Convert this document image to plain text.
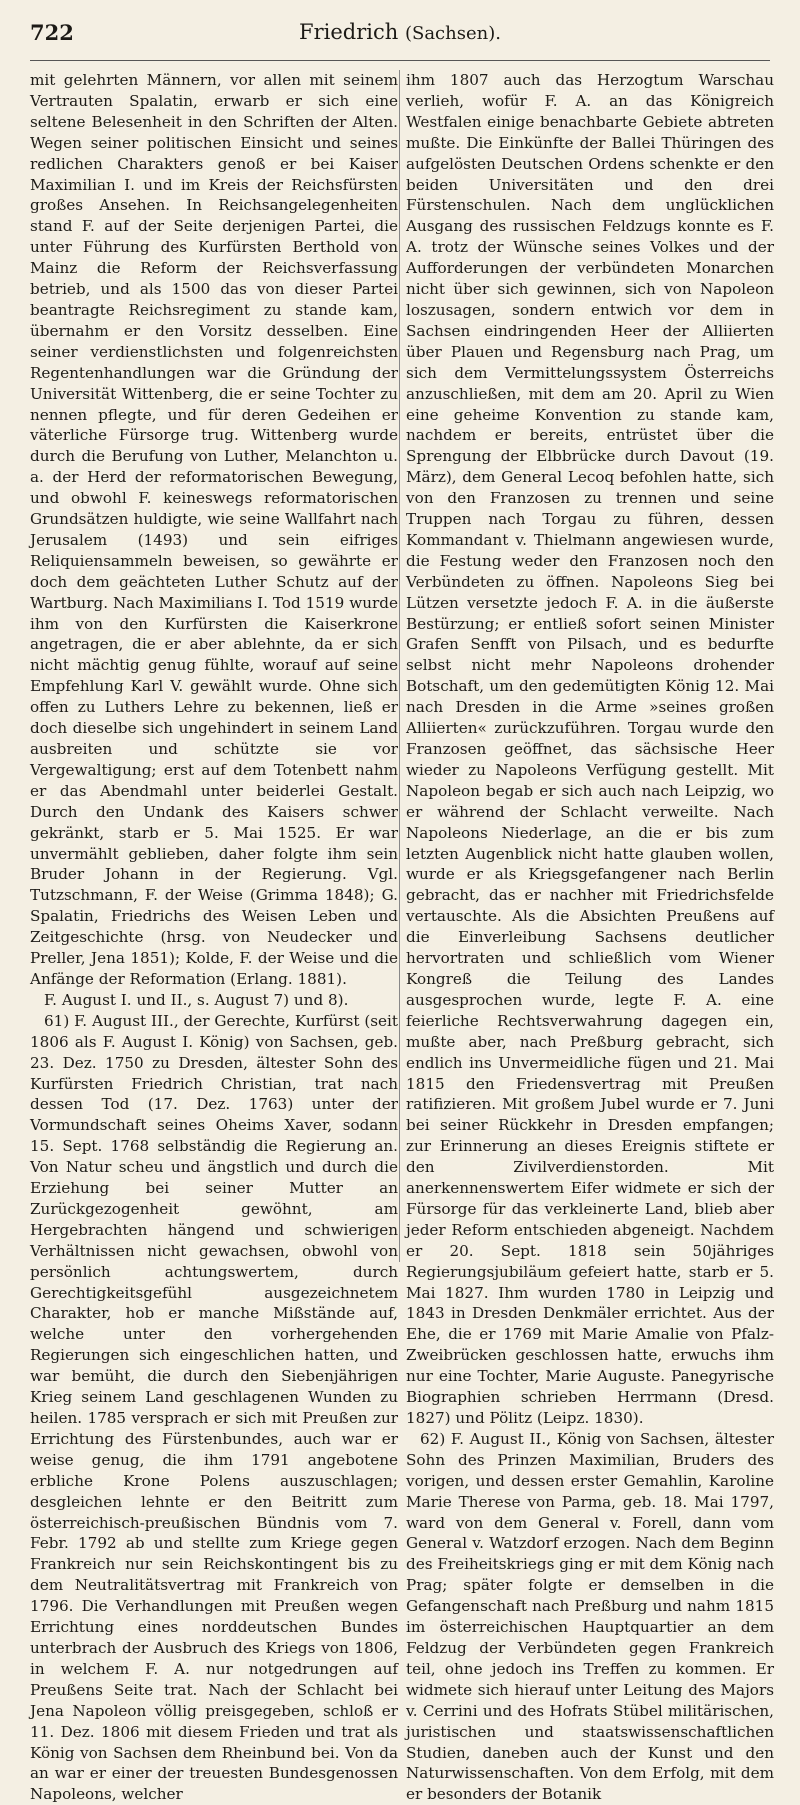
722	Friedrich (Sachsen).

mit gelehrten Männern, vor allen mit seinem Vertrauten Spalatin, erwarb er sich eine seltene Belesenheit in den Schriften der Alten. Wegen seiner politischen Einsicht und seines redlichen Charakters genoß er bei Kaiser Maximilian I. und im Kreis der Reichsfürsten großes Ansehen. In Reichsangelegenheiten stand F. auf der Seite derjenigen Partei, die unter Führung des Kurfürsten Berthold von Mainz die Reform der Reichsverfassung betrieb, und als 1500 das von dieser Partei beantragte Reichsregiment zu stande kam, übernahm er den Vorsitz desselben. Eine seiner verdienstlichsten und folgenreichsten Regentenhandlungen war die Gründung der Universität Wittenberg, die er seine Tochter zu nennen pflegte, und für deren Gedeihen er väterliche Fürsorge trug. Wittenberg wurde durch die Berufung von Luther, Melanchton u. a. der Herd der reformatorischen Bewegung, und obwohl F. keineswegs reformatorischen Grundsätzen huldigte, wie seine Wallfahrt nach Jerusalem (1493) und sein eifriges Reliquiensammeln beweisen, so gewährte er doch dem geächteten Luther Schutz auf der Wartburg. Nach Maximilians I. Tod 1519 wurde ihm von den Kurfürsten die Kaiserkrone angetragen, die er aber ablehnte, da er sich nicht mächtig genug fühlte, worauf auf seine Empfehlung Karl V. gewählt wurde. Ohne sich offen zu Luthers Lehre zu bekennen, ließ er doch dieselbe sich ungehindert in seinem Land ausbreiten und schützte sie vor Vergewaltigung; erst auf dem Totenbett nahm er das Abendmahl unter beiderlei Gestalt. Durch den Undank des Kaisers schwer gekränkt, starb er 5. Mai 1525. Er war unvermählt geblieben, daher folgte ihm sein Bruder Johann in der Regierung. Vgl. Tutzschmann, F. der Weise (Grimma 1848); G. Spalatin, Friedrichs des Weisen Leben und Zeitgeschichte (hrsg. von Neudecker und Preller, Jena 1851); Kolde, F. der Weise und die Anfänge der Reformation (Erlang. 1881).

F. August I. und II., s. August 7) und 8).

61) F. August III., der Gerechte, Kurfürst (seit 1806 als F. August I. König) von Sachsen, geb. 23. Dez. 1750 zu Dresden, ältester Sohn des Kurfürsten Friedrich Christian, trat nach dessen Tod (17. Dez. 1763) unter der Vormundschaft seines Oheims Xaver, sodann 15. Sept. 1768 selbständig die Regierung an. Von Natur scheu und ängstlich und durch die Erziehung bei seiner Mutter an Zurückgezogenheit gewöhnt, am Hergebrachten hängend und schwierigen Verhältnissen nicht gewachsen, obwohl von persönlich achtungswertem, durch Gerechtigkeitsgefühl ausgezeichnetem Charakter, hob er manche Mißstände auf, welche unter den vorhergehenden Regierungen sich eingeschlichen hatten, und war bemüht, die durch den Siebenjährigen Krieg seinem Land geschlagenen Wunden zu heilen. 1785 versprach er sich mit Preußen zur Errichtung des Fürstenbundes, auch war er weise genug, die ihm 1791 angebotene erbliche Krone Polens auszuschlagen; desgleichen lehnte er den Beitritt zum österreichisch-preußischen Bündnis vom 7. Febr. 1792 ab und stellte zum Kriege gegen Frankreich nur sein Reichskontingent bis zu dem Neutralitätsvertrag mit Frankreich von 1796. Die Verhandlungen mit Preußen wegen Errichtung eines norddeutschen Bundes unterbrach der Ausbruch des Kriegs von 1806, in welchem F. A. nur notgedrungen auf Preußens Seite trat. Nach der Schlacht bei Jena Napoleon völlig preisgegeben, schloß er 11. Dez. 1806 mit diesem Frieden und trat als König von Sachsen dem Rheinbund bei. Von da an war er einer der treuesten Bundesgenossen Napoleons, welcher

ihm 1807 auch das Herzogtum Warschau verlieh, wofür F. A. an das Königreich Westfalen einige benachbarte Gebiete abtreten mußte. Die Einkünfte der Ballei Thüringen des aufgelösten Deutschen Ordens schenkte er den beiden Universitäten und den drei Fürstenschulen. Nach dem unglücklichen Ausgang des russischen Feldzugs konnte es F. A. trotz der Wünsche seines Volkes und der Aufforderungen der verbündeten Monarchen nicht über sich gewinnen, sich von Napoleon loszusagen, sondern entwich vor dem in Sachsen eindringenden Heer der Alliierten über Plauen und Regensburg nach Prag, um sich dem Vermittelungssystem Österreichs anzuschließen, mit dem am 20. April zu Wien eine geheime Konvention zu stande kam, nachdem er bereits, entrüstet über die Sprengung der Elbbrücke durch Davout (19. März), dem General Lecoq befohlen hatte, sich von den Franzosen zu trennen und seine Truppen nach Torgau zu führen, dessen Kommandant v. Thielmann angewiesen wurde, die Festung weder den Franzosen noch den Verbündeten zu öffnen. Napoleons Sieg bei Lützen versetzte jedoch F. A. in die äußerste Bestürzung; er entließ sofort seinen Minister Grafen Senfft von Pilsach, und es bedurfte selbst nicht mehr Napoleons drohender Botschaft, um den gedemütigten König 12. Mai nach Dresden in die Arme »seines großen Alliierten« zurückzuführen. Torgau wurde den Franzosen geöffnet, das sächsische Heer wieder zu Napoleons Verfügung gestellt. Mit Napoleon begab er sich auch nach Leipzig, wo er während der Schlacht verweilte. Nach Napoleons Niederlage, an die er bis zum letzten Augenblick nicht hatte glauben wollen, wurde er als Kriegsgefangener nach Berlin gebracht, das er nachher mit Friedrichsfelde vertauschte. Als die Absichten Preußens auf die Einverleibung Sachsens deutlicher hervortraten und schließlich vom Wiener Kongreß die Teilung des Landes ausgesprochen wurde, legte F. A. eine feierliche Rechtsverwahrung dagegen ein, mußte aber, nach Preßburg gebracht, sich endlich ins Unvermeidliche fügen und 21. Mai 1815 den Friedensvertrag mit Preußen ratifizieren. Mit großem Jubel wurde er 7. Juni bei seiner Rückkehr in Dresden empfangen; zur Erinnerung an dieses Ereignis stiftete er den Zivilverdienstorden. Mit anerkennenswertem Eifer widmete er sich der Fürsorge für das verkleinerte Land, blieb aber jeder Reform entschieden abgeneigt. Nachdem er 20. Sept. 1818 sein 50jähriges Regierungsjubiläum gefeiert hatte, starb er 5. Mai 1827. Ihm wurden 1780 in Leipzig und 1843 in Dresden Denkmäler errichtet. Aus der Ehe, die er 1769 mit Marie Amalie von Pfalz-Zweibrücken geschlossen hatte, erwuchs ihm nur eine Tochter, Marie Auguste. Panegyrische Biographien schrieben Herrmann (Dresd. 1827) und Pölitz (Leipz. 1830).

62) F. August II., König von Sachsen, ältester Sohn des Prinzen Maximilian, Bruders des vorigen, und dessen erster Gemahlin, Karoline Marie Therese von Parma, geb. 18. Mai 1797, ward von dem General v. Forell, dann vom General v. Watzdorf erzogen. Nach dem Beginn des Freiheitskriegs ging er mit dem König nach Prag; später folgte er demselben in die Gefangenschaft nach Preßburg und nahm 1815 im österreichischen Hauptquartier an dem Feldzug der Verbündeten gegen Frankreich teil, ohne jedoch ins Treffen zu kommen. Er widmete sich hierauf unter Leitung des Majors v. Cerrini und des Hofrats Stübel militärischen, juristischen und staatswissenschaftlichen Studien, daneben auch der Kunst und den Naturwissenschaften. Von dem Erfolg, mit dem er besonders der Botanik
